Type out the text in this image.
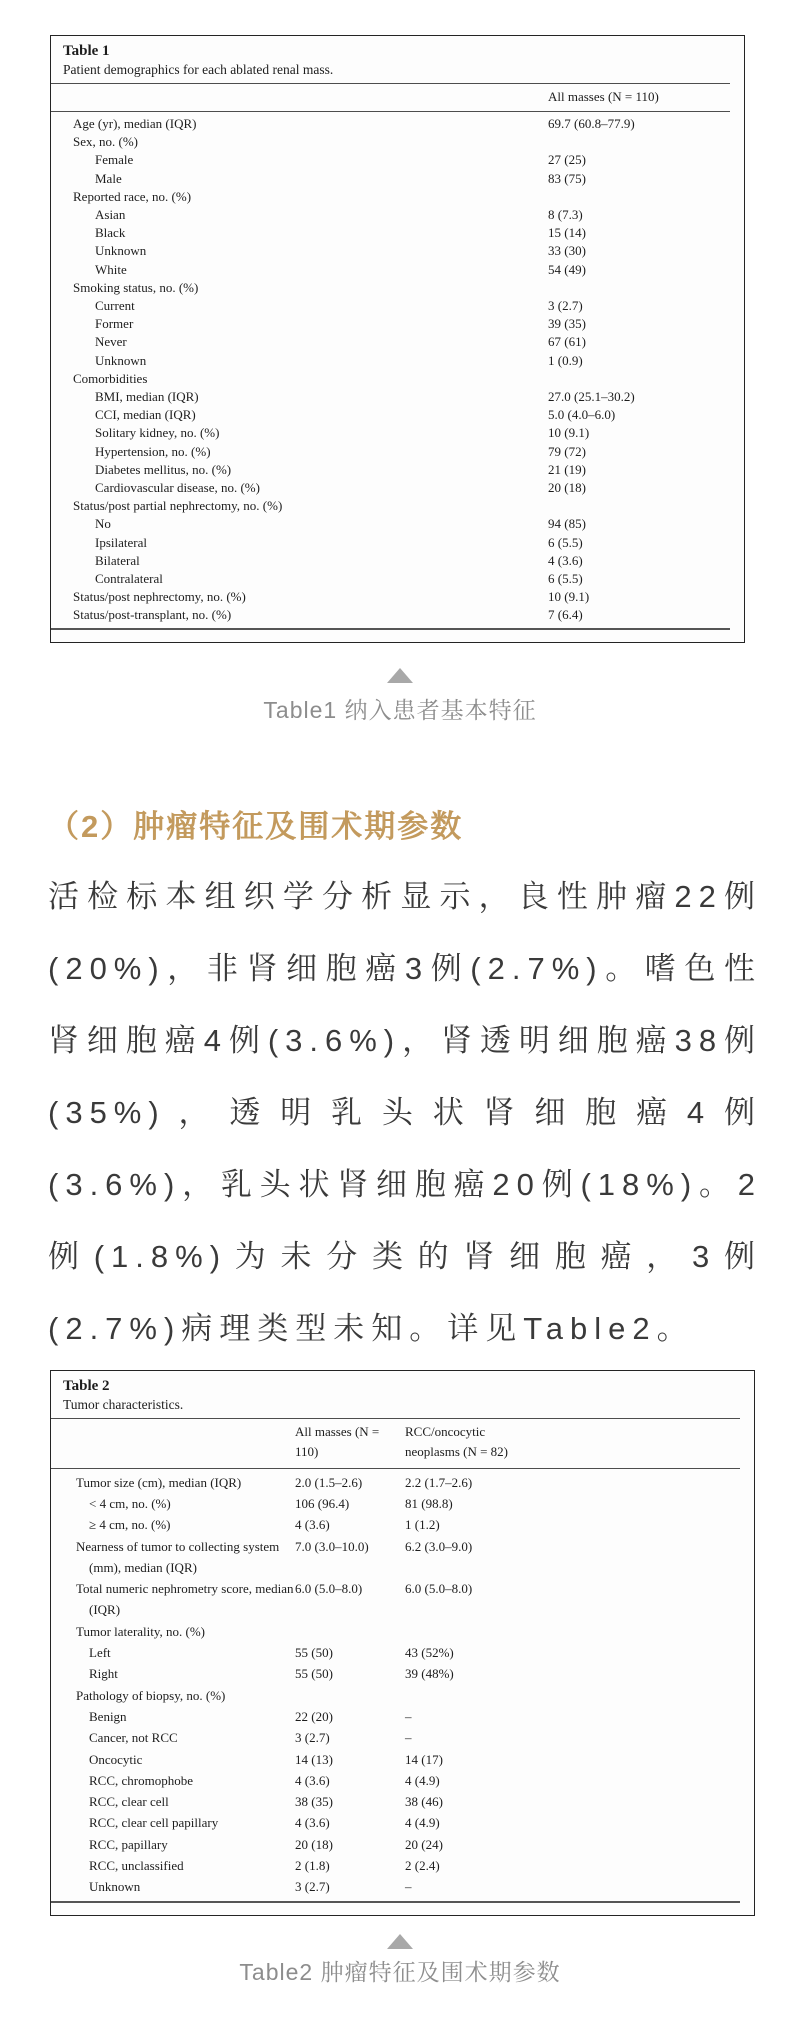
Table 1
Patient demographics for each ablated renal mass.
All masses (N = 110)
Age (yr), median (IQR)	69.7 (60.8–77.9)
Sex, no. (%)
Female	27 (25)
Male	83 (75)
Reported race, no. (%)
Asian	8 (7.3)
Black	15 (14)
Unknown	33 (30)
White	54 (49)
Smoking status, no. (%)
Current	3 (2.7)
Former	39 (35)
Never	67 (61)
Unknown	1 (0.9)
Comorbidities
BMI, median (IQR)	27.0 (25.1–30.2)
CCI, median (IQR)	5.0 (4.0–6.0)
Solitary kidney, no. (%)	10 (9.1)
Hypertension, no. (%)	79 (72)
Diabetes mellitus, no. (%)	21 (19)
Cardiovascular disease, no. (%)	20 (18)
Status/post partial nephrectomy, no. (%)
No	94 (85)
Ipsilateral	6 (5.5)
Bilateral	4 (3.6)
Contralateral	6 (5.5)
Status/post nephrectomy, no. (%)	10 (9.1)
Status/post-transplant, no. (%)	7 (6.4)
Table1 纳入患者基本特征
（2）肿瘤特征及围术期参数
活检标本组织学分析显示，良性肿瘤22例(20%)，非肾细胞癌3例(2.7%)。嗜色性肾细胞癌4例(3.6%)，肾透明细胞癌38例(35%)，透明乳头状肾细胞癌4例(3.6%)，乳头状肾细胞癌20例(18%)。2例(1.8%)为未分类的肾细胞癌，3例(2.7%)病理类型未知。详见Table2。
Table 2
Tumor characteristics.
All masses (N = 110)
RCC/oncocytic neoplasms (N = 82)
Tumor size (cm), median (IQR)	2.0 (1.5–2.6)	2.2 (1.7–2.6)
< 4 cm, no. (%)	106 (96.4)	81 (98.8)
≥ 4 cm, no. (%)	4 (3.6)	1 (1.2)
Nearness of tumor to collecting system (mm), median (IQR)
7.0 (3.0–10.0)	6.2 (3.0–9.0)
Total numeric nephrometry score, median (IQR)
6.0 (5.0–8.0)	6.0 (5.0–8.0)
Tumor laterality, no. (%)
Left	55 (50)	43 (52%)
Right	55 (50)	39 (48%)
Pathology of biopsy, no. (%)
Benign	22 (20)	–
Cancer, not RCC	3 (2.7)	–
Oncocytic	14 (13)	14 (17)
RCC, chromophobe	4 (3.6)	4 (4.9)
RCC, clear cell	38 (35)	38 (46)
RCC, clear cell papillary	4 (3.6)	4 (4.9)
RCC, papillary	20 (18)	20 (24)
RCC, unclassified	2 (1.8)	2 (2.4)
Unknown	3 (2.7)	–
Table2 肿瘤特征及围术期参数
